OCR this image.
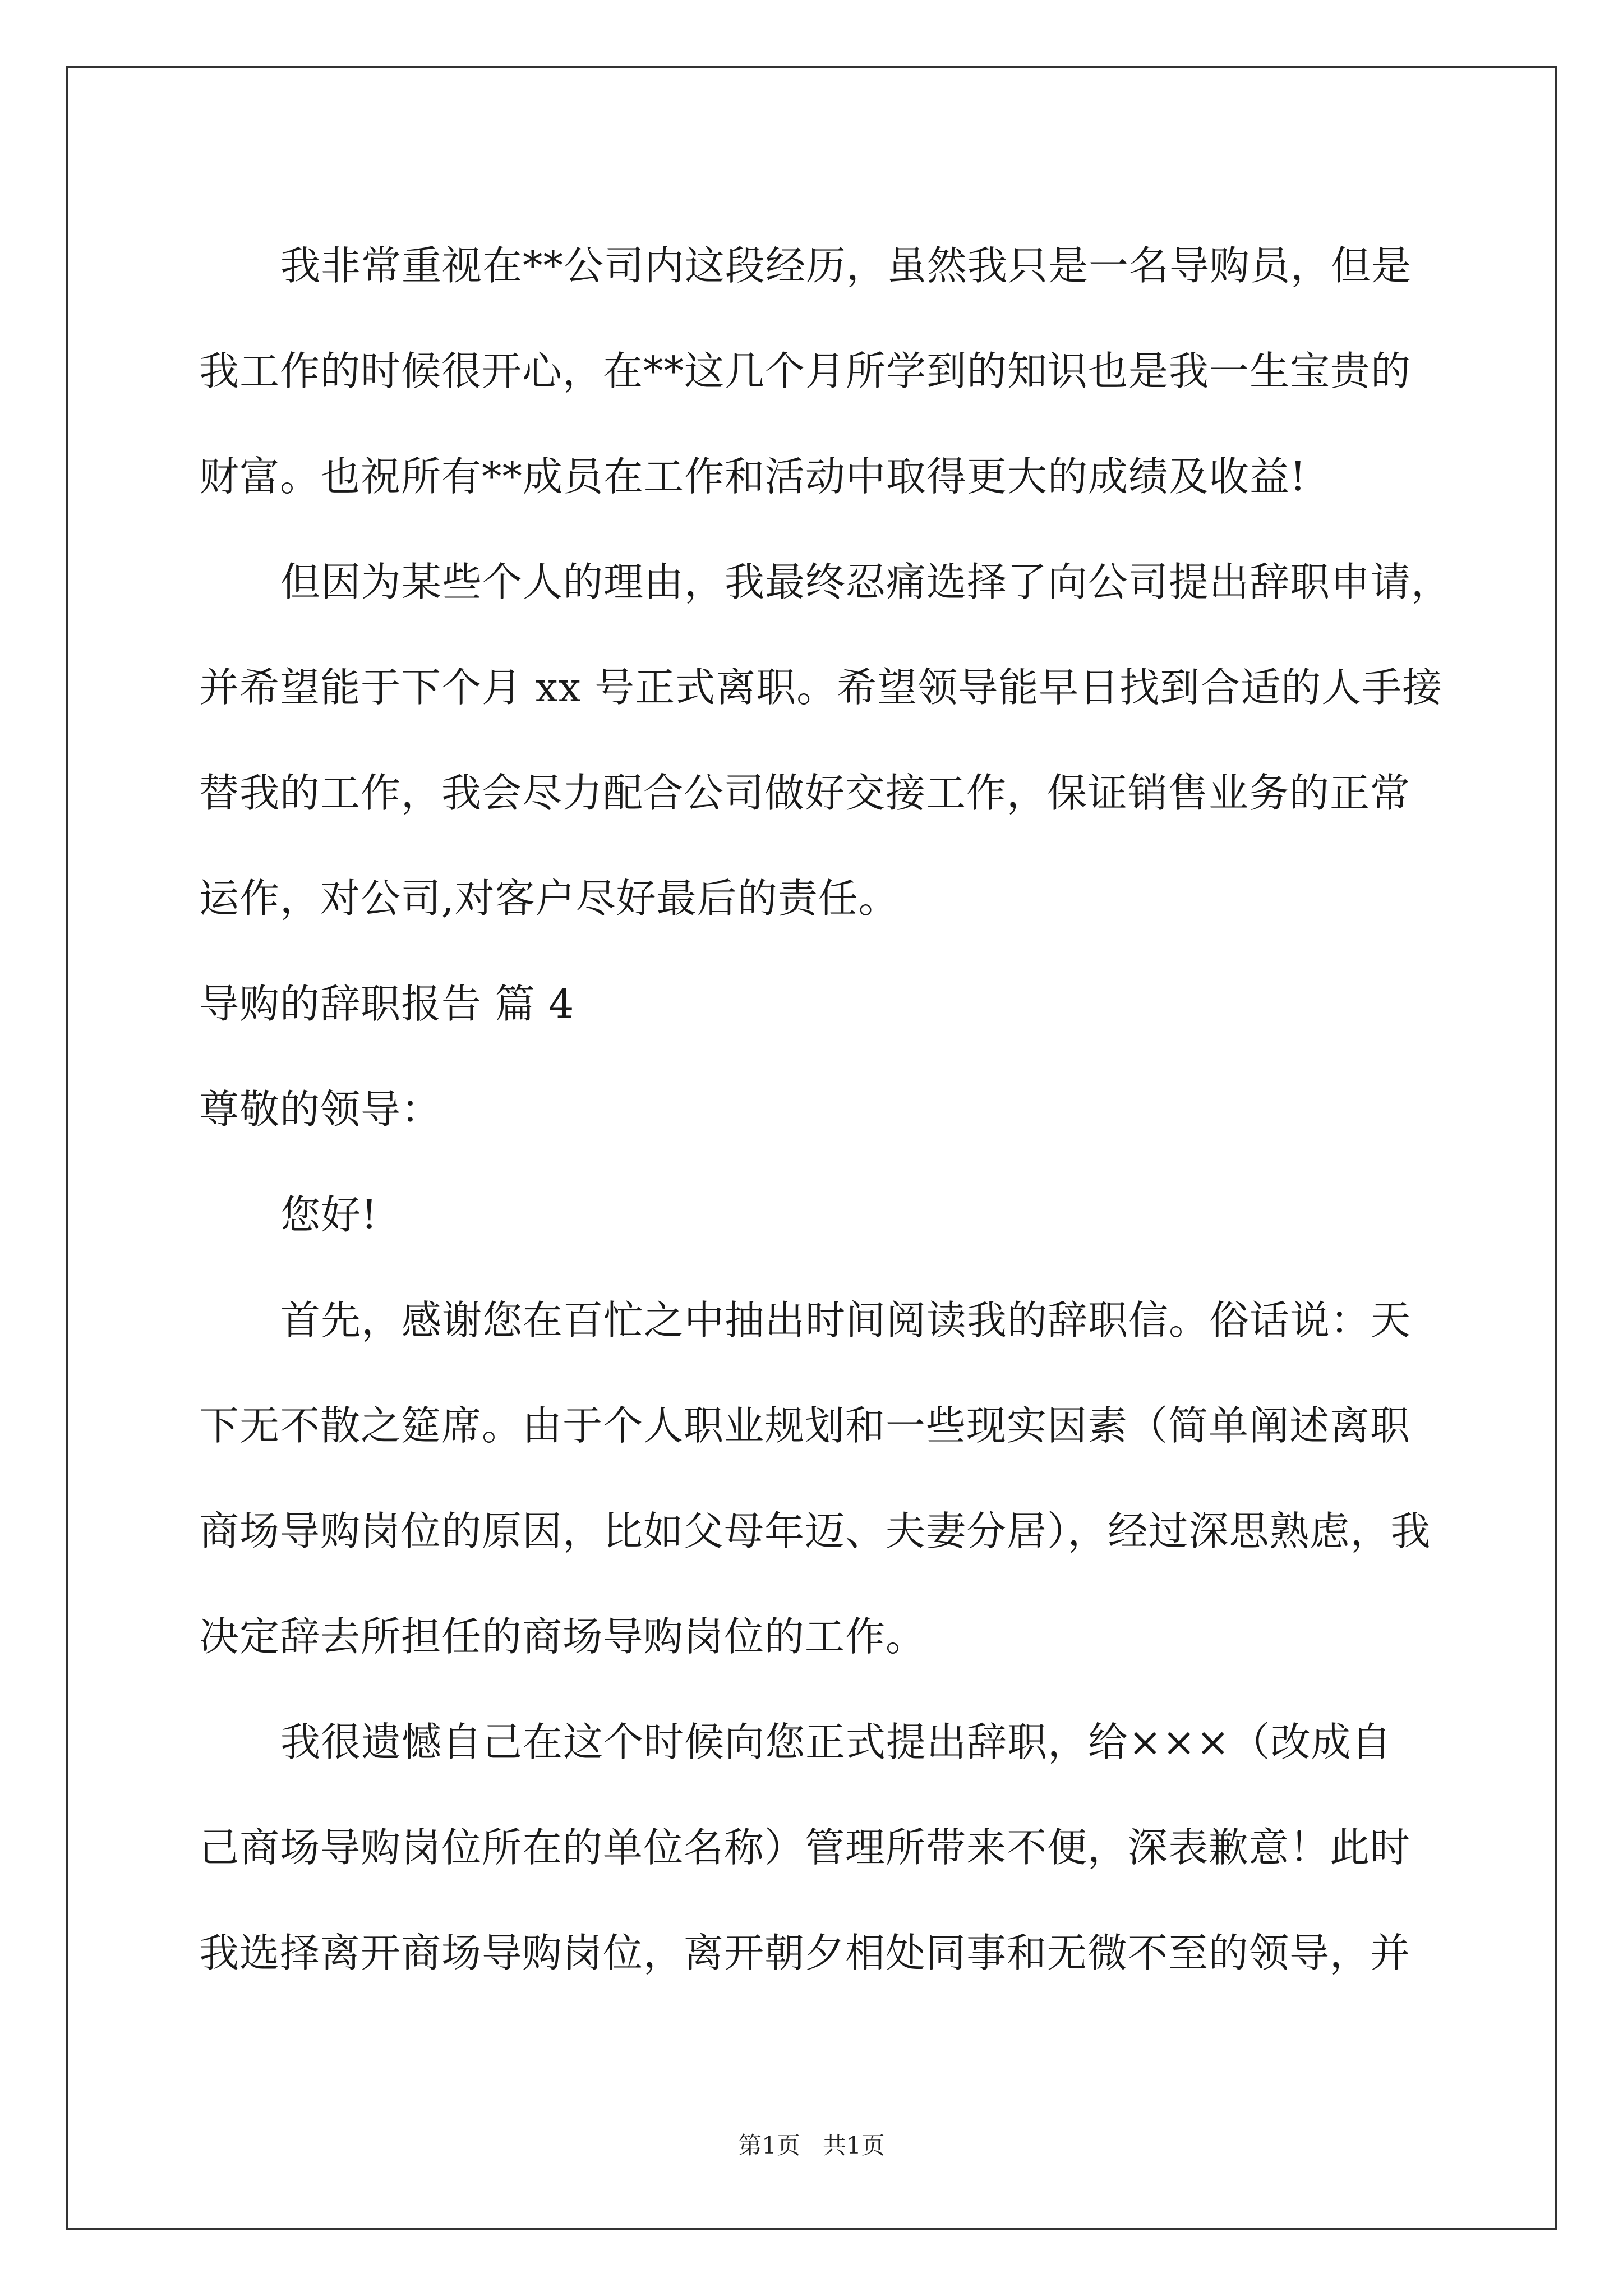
我非常重视在**公司内这段经历，虽然我只是一名导购员，但是
我工作的时候很开心，在**这几个月所学到的知识也是我一生宝贵的
财富。也祝所有**成员在工作和活动中取得更大的成绩及收益!
但因为某些个人的理由，我最终忍痛选择了向公司提出辞职申请，
并希望能于下个月 xx 号正式离职。希望领导能早日找到合适的人手接
替我的工作，我会尽力配合公司做好交接工作，保证销售业务的正常
运作，对公司,对客户尽好最后的责任。
导购的辞职报告 篇 4
尊敬的领导：
您好!
首先，感谢您在百忙之中抽出时间阅读我的辞职信。俗话说：天
下无不散之筵席。由于个人职业规划和一些现实因素（简单阐述离职
商场导购岗位的原因，比如父母年迈、夫妻分居），经过深思熟虑，我
决定辞去所担任的商场导购岗位的工作。
我很遗憾自己在这个时候向您正式提出辞职，给×××（改成自
己商场导购岗位所在的单位名称）管理所带来不便，深表歉意！此时
我选择离开商场导购岗位，离开朝夕相处同事和无微不至的领导，并
第1页   共1页
